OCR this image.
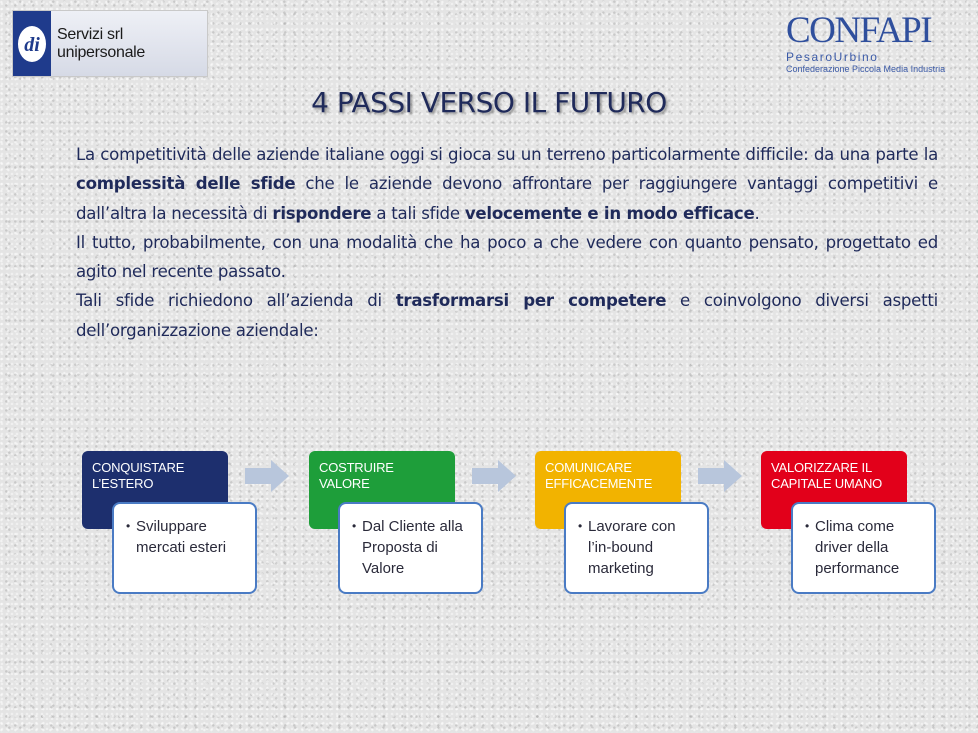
di Servizi srl unipersonale
CONFAPI
PesaroUrbino
Confederazione Piccola Media Industria
4 PASSI VERSO IL FUTURO

La competitività delle aziende italiane oggi si gioca su un terreno particolarmente difficile: da una parte la complessità delle sfide che le aziende devono affrontare per raggiungere vantaggi competitivi e dall’altra la necessità di rispondere a tali sfide velocemente e in modo efficace.

Il tutto, probabilmente, con una modalità che ha poco a che vedere con quanto pensato, progettato ed agito nel recente passato.

Tali sfide richiedono all’azienda di trasformarsi per competere e coinvolgono diversi aspetti dell’organizzazione aziendale:

CONQUISTARE L’ESTERO
• Sviluppare mercati esteri
COSTRUIRE VALORE
• Dal Cliente alla Proposta di Valore
COMUNICARE EFFICACEMENTE
• Lavorare con l’in-bound marketing
VALORIZZARE IL CAPITALE UMANO
• Clima come driver della performance
